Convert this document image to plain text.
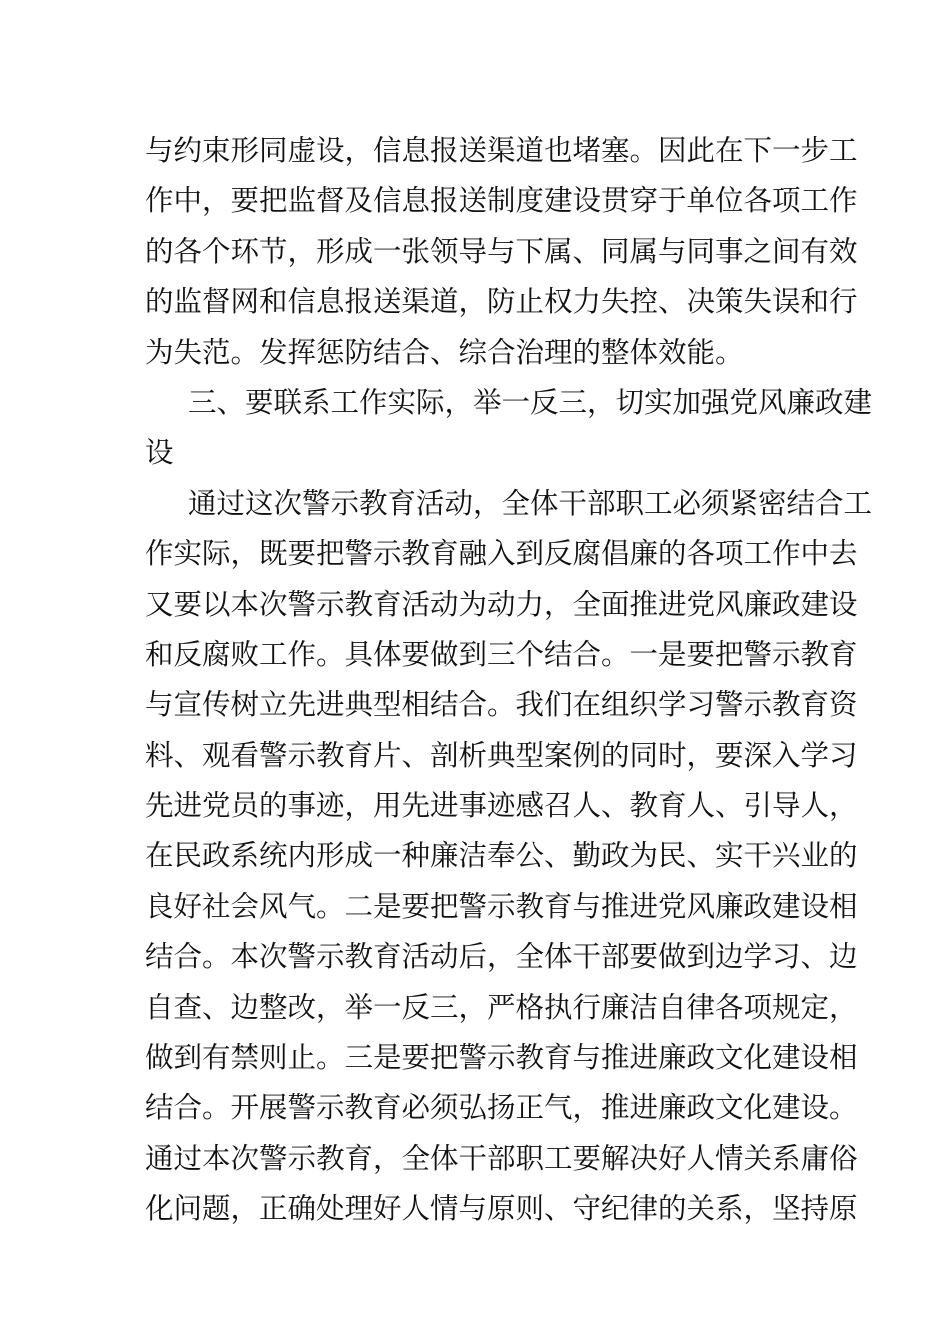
与约束形同虚设，信息报送渠道也堵塞。因此在下一步工
作中，要把监督及信息报送制度建设贯穿于单位各项工作
的各个环节，形成一张领导与下属、同属与同事之间有效
的监督网和信息报送渠道，防止权力失控、决策失误和行
为失范。发挥惩防结合、综合治理的整体效能。
三、要联系工作实际，举一反三，切实加强党风廉政建
设
通过这次警示教育活动，全体干部职工必须紧密结合工
作实际，既要把警示教育融入到反腐倡廉的各项工作中去
又要以本次警示教育活动为动力，全面推进党风廉政建设
和反腐败工作。具体要做到三个结合。一是要把警示教育
与宣传树立先进典型相结合。我们在组织学习警示教育资
料、观看警示教育片、剖析典型案例的同时，要深入学习
先进党员的事迹，用先进事迹感召人、教育人、引导人，
在民政系统内形成一种廉洁奉公、勤政为民、实干兴业的
良好社会风气。二是要把警示教育与推进党风廉政建设相
结合。本次警示教育活动后，全体干部要做到边学习、边
自查、边整改，举一反三，严格执行廉洁自律各项规定，
做到有禁则止。三是要把警示教育与推进廉政文化建设相
结合。开展警示教育必须弘扬正气，推进廉政文化建设。
通过本次警示教育，全体干部职工要解决好人情关系庸俗
化问题，正确处理好人情与原则、守纪律的关系，坚持原
